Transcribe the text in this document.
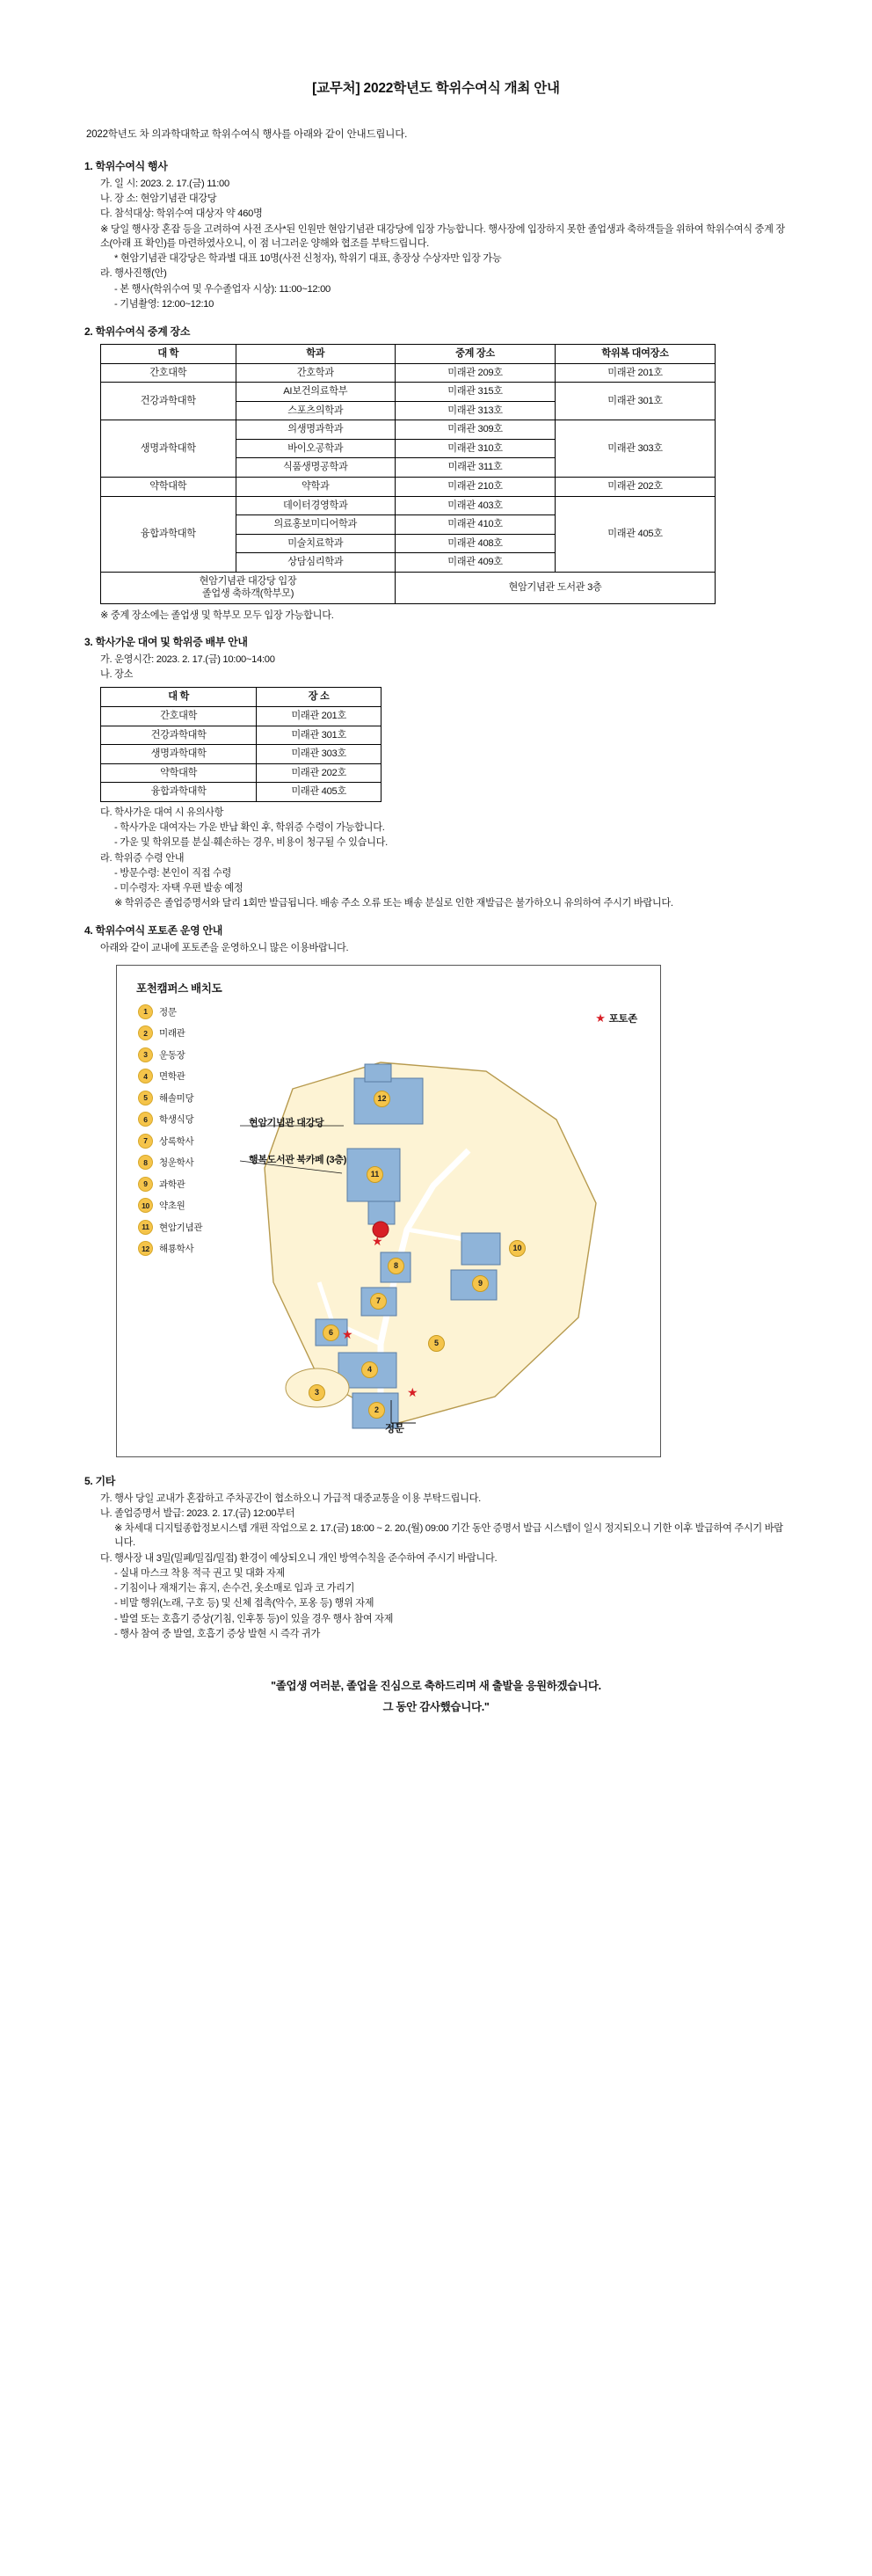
[교무처] 2022학년도 학위수여식 개최 안내
2022학년도 차 의과학대학교 학위수여식 행사를 아래와 같이 안내드립니다.
1. 학위수여식 행사
가. 일 시: 2023. 2. 17.(금) 11:00
나. 장 소: 현암기념관 대강당
다. 참석대상: 학위수여 대상자 약 460명
※ 당일 행사장 혼잡 등을 고려하여 사전 조사*된 인원만 현암기념관 대강당에 입장 가능합니다. 행사장에 입장하지 못한 졸업생과 축하객들을 위하여 학위수여식 중계 장소(아래 표 확인)를 마련하였사오니, 이 점 너그러운 양해와 협조를 부탁드립니다.
* 현암기념관 대강당은 학과별 대표 10명(사전 신청자), 학위기 대표, 총장상 수상자만 입장 가능
라. 행사진행(안)
- 본 행사(학위수여 및 우수졸업자 시상): 11:00~12:00
- 기념촬영: 12:00~12:10
2. 학위수여식 중계 장소
대 학	학과	중계 장소	학위복 대여장소
간호대학	간호학과	미래관 209호	미래관 201호
건강과학대학	AI보건의료학부	미래관 315호	미래관 301호
	스포츠의학과	미래관 313호	
생명과학대학	의생명과학과	미래관 309호	미래관 303호
	바이오공학과	미래관 310호	
	식품생명공학과	미래관 311호	
약학대학	약학과	미래관 210호	미래관 202호
융합과학대학	데이터경영학과	미래관 403호	미래관 405호
	의료홍보미디어학과	미래관 410호	
	미술치료학과	미래관 408호	
	상담심리학과	미래관 409호	
현암기념관 대강당 입장
졸업생 축하객(학부모)		현암기념관 도서관 3층	
※ 중계 장소에는 졸업생 및 학부모 모두 입장 가능합니다.
3. 학사가운 대여 및 학위증 배부 안내
가. 운영시간: 2023. 2. 17.(금) 10:00~14:00
나. 장소
대 학	장 소
간호대학	미래관 201호
건강과학대학	미래관 301호
생명과학대학	미래관 303호
약학대학	미래관 202호
융합과학대학	미래관 405호
다. 학사가운 대여 시 유의사항
- 학사가운 대여자는 가운 반납 확인 후, 학위증 수령이 가능합니다.
- 가운 및 학위모를 분실·훼손하는 경우, 비용이 청구될 수 있습니다.
라. 학위증 수령 안내
- 방문수령: 본인이 직접 수령
- 미수령자: 자택 우편 발송 예정
※ 학위증은 졸업증명서와 달리 1회만 발급됩니다. 배송 주소 오류 또는 배송 분실로 인한 재발급은 불가하오니 유의하여 주시기 바랍니다.
4. 학위수여식 포토존 운영 안내
아래와 같이 교내에 포토존을 운영하오니 많은 이용바랍니다.
포천캠퍼스 배치도
1	정문
2	미래관
3	운동장
4	면학관
5	해솔미당
6	학생식당
7	상록학사
8	청운학사
9	과학관
10	약초원
11	현암기념관
12	해룡학사
★ 포토존
현암기념관 대강당
행복도서관 북카페 (3층)
12
11
10
9
8
7
6
5
4
3
2
★
★
★
정문
5. 기타
가. 행사 당일 교내가 혼잡하고 주차공간이 협소하오니 가급적 대중교통을 이용 부탁드립니다.
나. 졸업증명서 발급: 2023. 2. 17.(금) 12:00부터
※ 차세대 디지털종합정보시스템 개편 작업으로 2. 17.(금) 18:00 ~ 2. 20.(월) 09:00 기간 동안 증명서 발급 시스템이 일시 정지되오니 기한 이후 발급하여 주시기 바랍니다.
다. 행사장 내 3밀(밀폐/밀집/밀접) 환경이 예상되오니 개인 방역수칙을 준수하여 주시기 바랍니다.
- 실내 마스크 착용 적극 권고 및 대화 자제
- 기침이나 재채기는 휴지, 손수건, 옷소매로 입과 코 가리기
- 비말 행위(노래, 구호 등) 및 신체 접촉(악수, 포옹 등) 행위 자제
- 발열 또는 호흡기 증상(기침, 인후통 등)이 있을 경우 행사 참여 자제
- 행사 참여 중 발열, 호흡기 증상 발현 시 즉각 귀가
"졸업생 여러분, 졸업을 진심으로 축하드리며 새 출발을 응원하겠습니다.
그 동안 감사했습니다."
